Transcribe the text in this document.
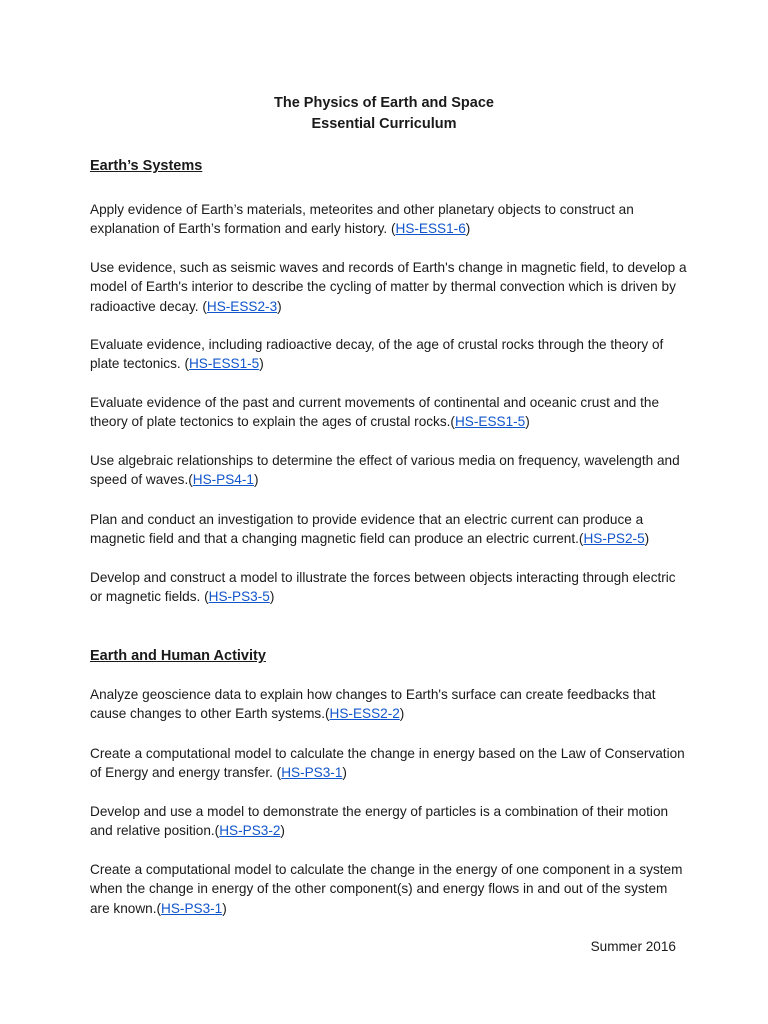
The Physics of Earth and Space
Essential Curriculum
Earth’s Systems
Apply evidence of Earth’s materials, meteorites and other planetary objects to construct an explanation of Earth’s formation and early history. (HS-ESS1-6)
Use evidence, such as seismic waves and records of Earth's change in magnetic field, to develop a model of Earth's interior to describe the cycling of matter by thermal convection which is driven by radioactive decay. (HS-ESS2-3)
Evaluate evidence, including radioactive decay, of the age of crustal rocks through the theory of plate tectonics. (HS-ESS1-5)
Evaluate evidence of the past and current movements of continental and oceanic crust and the theory of plate tectonics to explain the ages of crustal rocks.(HS-ESS1-5)
Use algebraic relationships to determine the effect of various media on frequency, wavelength and speed of waves.(HS-PS4-1)
Plan and conduct an investigation to provide evidence that an electric current can produce a magnetic field and that a changing magnetic field can produce an electric current.(HS-PS2-5)
Develop and construct a model to illustrate the forces between objects interacting through electric or magnetic fields. (HS-PS3-5)
Earth and Human Activity
Analyze geoscience data to explain how changes to Earth's surface can create feedbacks that cause changes to other Earth systems.(HS-ESS2-2)
Create a computational model to calculate the change in energy based on the Law of Conservation of Energy and energy transfer. (HS-PS3-1)
Develop and use a model to demonstrate the energy of particles is a combination of their motion and relative position.(HS-PS3-2)
Create a computational model to calculate the change in the energy of one component in a system when the change in energy of the other component(s) and energy flows in and out of the system are known.(HS-PS3-1)
Summer 2016
